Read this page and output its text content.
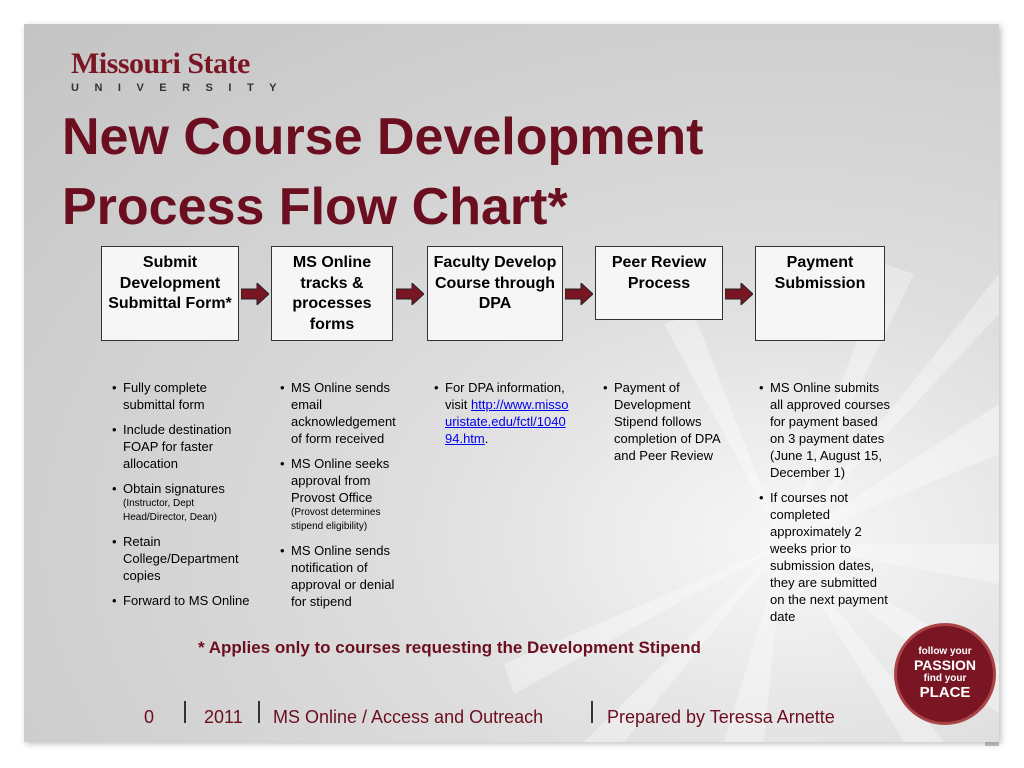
Missouri State
UNIVERSITY
New Course Development
Process Flow Chart*
Submit Development Submittal Form*
MS Online tracks & processes forms
Faculty Develop Course through DPA
Peer Review Process
Payment Submission
• Fully complete submittal form
• Include destination FOAP for faster allocation
• Obtain signatures
(Instructor, Dept Head/Director, Dean)
• Retain College/Department copies
• Forward to MS Online
• MS Online sends email acknowledgement of form received
• MS Online seeks approval from Provost Office
(Provost determines stipend eligibility)
• MS Online sends notification of approval or denial for stipend
• For DPA information, visit http://www.missouristate.edu/fctl/104094.htm.
• Payment of Development Stipend follows completion of DPA and Peer Review
• MS Online submits all approved courses for payment based on 3 payment dates (June 1, August 15, December 1)
• If courses not completed approximately 2 weeks prior to submission dates, they are submitted on the next payment date
* Applies only to courses requesting the Development Stipend
0	2011 MS Online / Access and Outreach	Prepared by Teressa Arnette
follow your
PASSION
find your
PLACE
